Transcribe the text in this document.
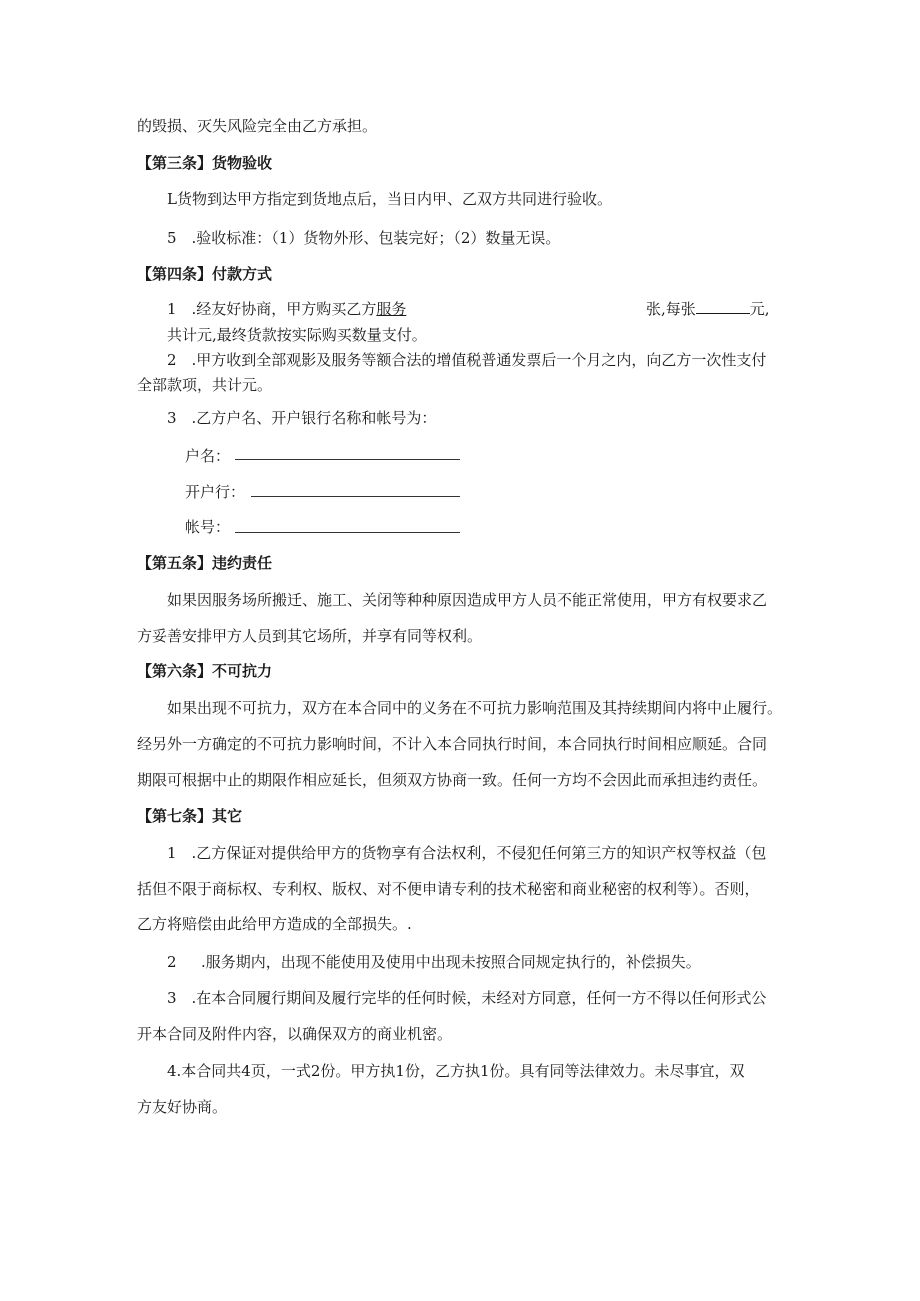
的毁损、灭失风险完全由乙方承担。
【第三条】货物验收
L货物到达甲方指定到货地点后，当日内甲、乙双方共同进行验收。
5　.验收标准：（1）货物外形、包装完好；（2）数量无误。
【第四条】付款方式
1　.经友好协商，甲方购买乙方服务	张,每张	元,
共计元,最终货款按实际购买数量支付。
2　.甲方收到全部观影及服务等额合法的增值税普通发票后一个月之内，向乙方一次性支付
全部款项，共计元。
3　.乙方户名、开户银行名称和帐号为：
户名：
开户行：
帐号：
【第五条】违约责任
如果因服务场所搬迁、施工、关闭等种种原因造成甲方人员不能正常使用，甲方有权要求乙
方妥善安排甲方人员到其它场所，并享有同等权利。
【第六条】不可抗力
如果出现不可抗力，双方在本合同中的义务在不可抗力影响范围及其持续期间内将中止履行。
经另外一方确定的不可抗力影响时间，不计入本合同执行时间，本合同执行时间相应顺延。合同
期限可根据中止的期限作相应延长，但须双方协商一致。任何一方均不会因此而承担违约责任。
【第七条】其它
1　.乙方保证对提供给甲方的货物享有合法权利，不侵犯任何第三方的知识产权等权益（包
括但不限于商标权、专利权、版权、对不便申请专利的技术秘密和商业秘密的权利等）。否则，
乙方将赔偿由此给甲方造成的全部损失。.
2 .服务期内，出现不能使用及使用中出现未按照合同规定执行的，补偿损失。
3　.在本合同履行期间及履行完毕的任何时候，未经对方同意，任何一方不得以任何形式公
开本合同及附件内容，以确保双方的商业机密。
4.本合同共4页，一式2份。甲方执1份，乙方执1份。具有同等法律效力。未尽事宜，双
方友好协商。
